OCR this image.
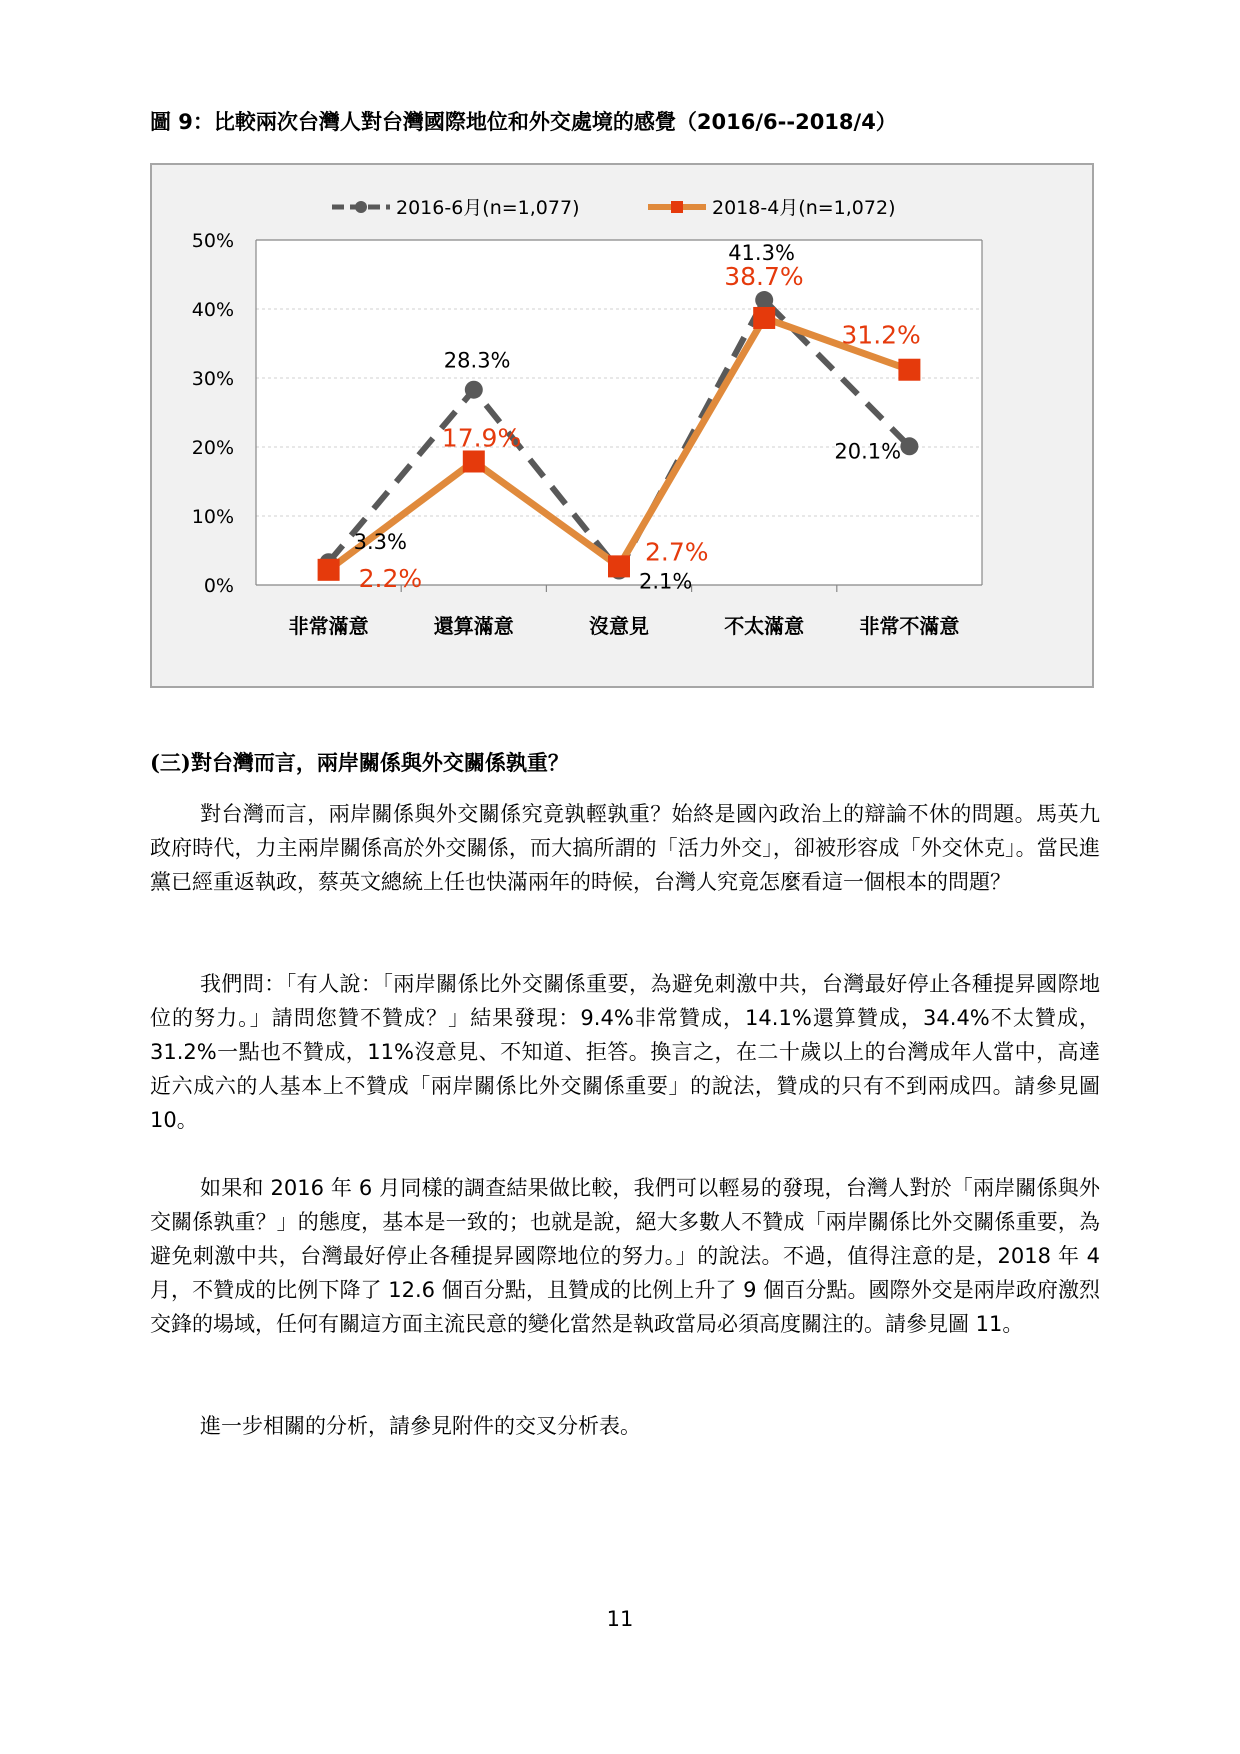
圖 9：比較兩次台灣人對台灣國際地位和外交處境的感覺（2016/6--2018/4）
0%
10%
20%
30%
40%
50%
非常滿意	還算滿意	沒意見	不太滿意	非常不滿意
3.3%
28.3%
2.1%
41.3%
20.1%
2.2%
17.9%
2.7%
38.7%
31.2%
2016-6月(n=1,077)	2018-4月(n=1,072)
(三)對台灣而言，兩岸關係與外交關係孰重？

對台灣而言，兩岸關係與外交關係究竟孰輕孰重？始終是國內政治上的辯論不休的問題。馬英九政府時代，力主兩岸關係高於外交關係，而大搞所謂的「活力外交」，卻被形容成「外交休克」。當民進黨已經重返執政，蔡英文總統上任也快滿兩年的時候，台灣人究竟怎麼看這一個根本的問題？

我們問：「有人說：「兩岸關係比外交關係重要，為避免刺激中共，台灣最好停止各種提昇國際地位的努力。」請問您贊不贊成？」結果發現：9.4%非常贊成，14.1%還算贊成，34.4%不太贊成，31.2%一點也不贊成，11%沒意見、不知道、拒答。換言之，在二十歲以上的台灣成年人當中，高達近六成六的人基本上不贊成「兩岸關係比外交關係重要」的說法，贊成的只有不到兩成四。請參見圖 10。

如果和 2016 年 6 月同樣的調查結果做比較，我們可以輕易的發現，台灣人對於「兩岸關係與外交關係孰重？」的態度，基本是一致的；也就是說，絕大多數人不贊成「兩岸關係比外交關係重要，為避免刺激中共，台灣最好停止各種提昇國際地位的努力。」的說法。不過，值得注意的是，2018 年 4 月，不贊成的比例下降了 12.6 個百分點，且贊成的比例上升了 9 個百分點。國際外交是兩岸政府激烈交鋒的場域，任何有關這方面主流民意的變化當然是執政當局必須高度關注的。請參見圖 11。

進一步相關的分析，請參見附件的交叉分析表。

11
